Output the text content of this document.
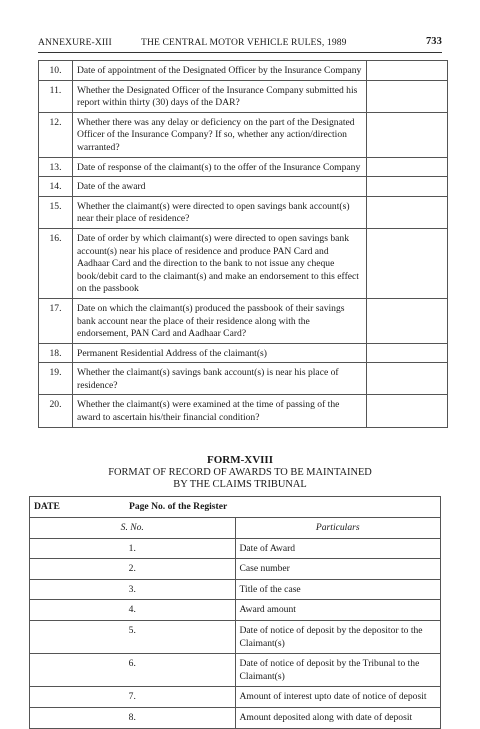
ANNEXURE-XIII	THE CENTRAL MOTOR VEHICLE RULES, 1989	733
10.	Date of appointment of the Designated Officer by the Insurance Company	
11.	Whether the Designated Officer of the Insurance Company submitted his report within thirty (30) days of the DAR?	
12.	Whether there was any delay or deficiency on the part of the Designated Officer of the Insurance Company? If so, whether any action/direction warranted?	
13.	Date of response of the claimant(s) to the offer of the Insurance Company	
14.	Date of the award	
15.	Whether the claimant(s) were directed to open savings bank account(s) near their place of residence?	
16.	Date of order by which claimant(s) were directed to open savings bank account(s) near his place of residence and produce PAN Card and Aadhaar Card and the direction to the bank to not issue any cheque book/debit card to the claimant(s) and make an endorsement to this effect on the passbook	
17.	Date on which the claimant(s) produced the passbook of their savings bank account near the place of their residence along with the endorsement, PAN Card and Aadhaar Card?	
18.	Permanent Residential Address of the claimant(s)	
19.	Whether the claimant(s) savings bank account(s) is near his place of residence?	
20.	Whether the claimant(s) were examined at the time of passing of the award to ascertain his/their financial condition?	
FORM-XVIII
FORMAT OF RECORD OF AWARDS TO BE MAINTAINED
BY THE CLAIMS TRIBUNAL
DATE Page No. of the Register	
S. No.	Particulars
1.	Date of Award
2.	Case number
3.	Title of the case
4.	Award amount
5.	Date of notice of deposit by the depositor to the Claimant(s)
6.	Date of notice of deposit by the Tribunal to the Claimant(s)
7.	Amount of interest upto date of notice of deposit
8.	Amount deposited along with date of deposit
